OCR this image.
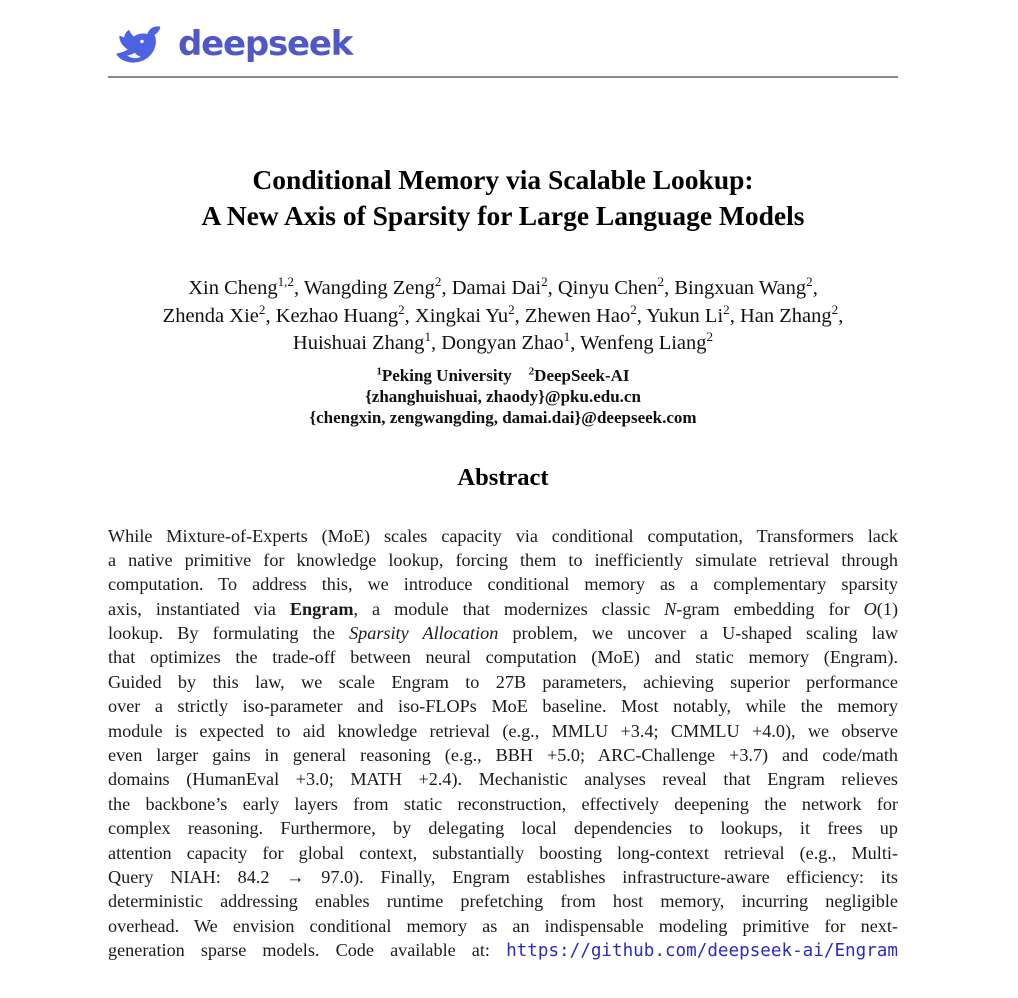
deepseek
Conditional Memory via Scalable Lookup:
A New Axis of Sparsity for Large Language Models
Xin Cheng$^{1,2}$, Wangding Zeng$^2$, Damai Dai$^2$, Qinyu Chen$^2$, Bingxuan Wang$^2$,
Zhenda Xie$^2$, Kezhao Huang$^2$, Xingkai Yu$^2$, Zhewen Hao$^2$, Yukun Li$^2$, Han Zhang$^2$,
Huishuai Zhang$^1$, Dongyan Zhao$^1$, Wenfeng Liang$^2$
$^1$Peking University $^2$DeepSeek-AI
{zhanghuishuai, zhaody}@pku.edu.cn
{chengxin, zengwangding, damai.dai}@deepseek.com
Abstract
While Mixture-of-Experts (MoE) scales capacity via conditional computation, Transformers lack
a native primitive for knowledge lookup, forcing them to inefficiently simulate retrieval through
computation. To address this, we introduce conditional memory as a complementary sparsity
axis, instantiated via Engram, a module that modernizes classic N-gram embedding for O(1)
lookup. By formulating the Sparsity Allocation problem, we uncover a U-shaped scaling law
that optimizes the trade-off between neural computation (MoE) and static memory (Engram).
Guided by this law, we scale Engram to 27B parameters, achieving superior performance
over a strictly iso-parameter and iso-FLOPs MoE baseline. Most notably, while the memory
module is expected to aid knowledge retrieval (e.g., MMLU +3.4; CMMLU +4.0), we observe
even larger gains in general reasoning (e.g., BBH +5.0; ARC-Challenge +3.7) and code/math
domains (HumanEval +3.0; MATH +2.4). Mechanistic analyses reveal that Engram relieves
the backbone’s early layers from static reconstruction, effectively deepening the network for
complex reasoning. Furthermore, by delegating local dependencies to lookups, it frees up
attention capacity for global context, substantially boosting long-context retrieval (e.g., Multi-
Query NIAH: 84.2 → 97.0). Finally, Engram establishes infrastructure-aware efficiency: its
deterministic addressing enables runtime prefetching from host memory, incurring negligible
overhead. We envision conditional memory as an indispensable modeling primitive for next-
generation sparse models. Code available at: https://github.com/deepseek-ai/Engram
